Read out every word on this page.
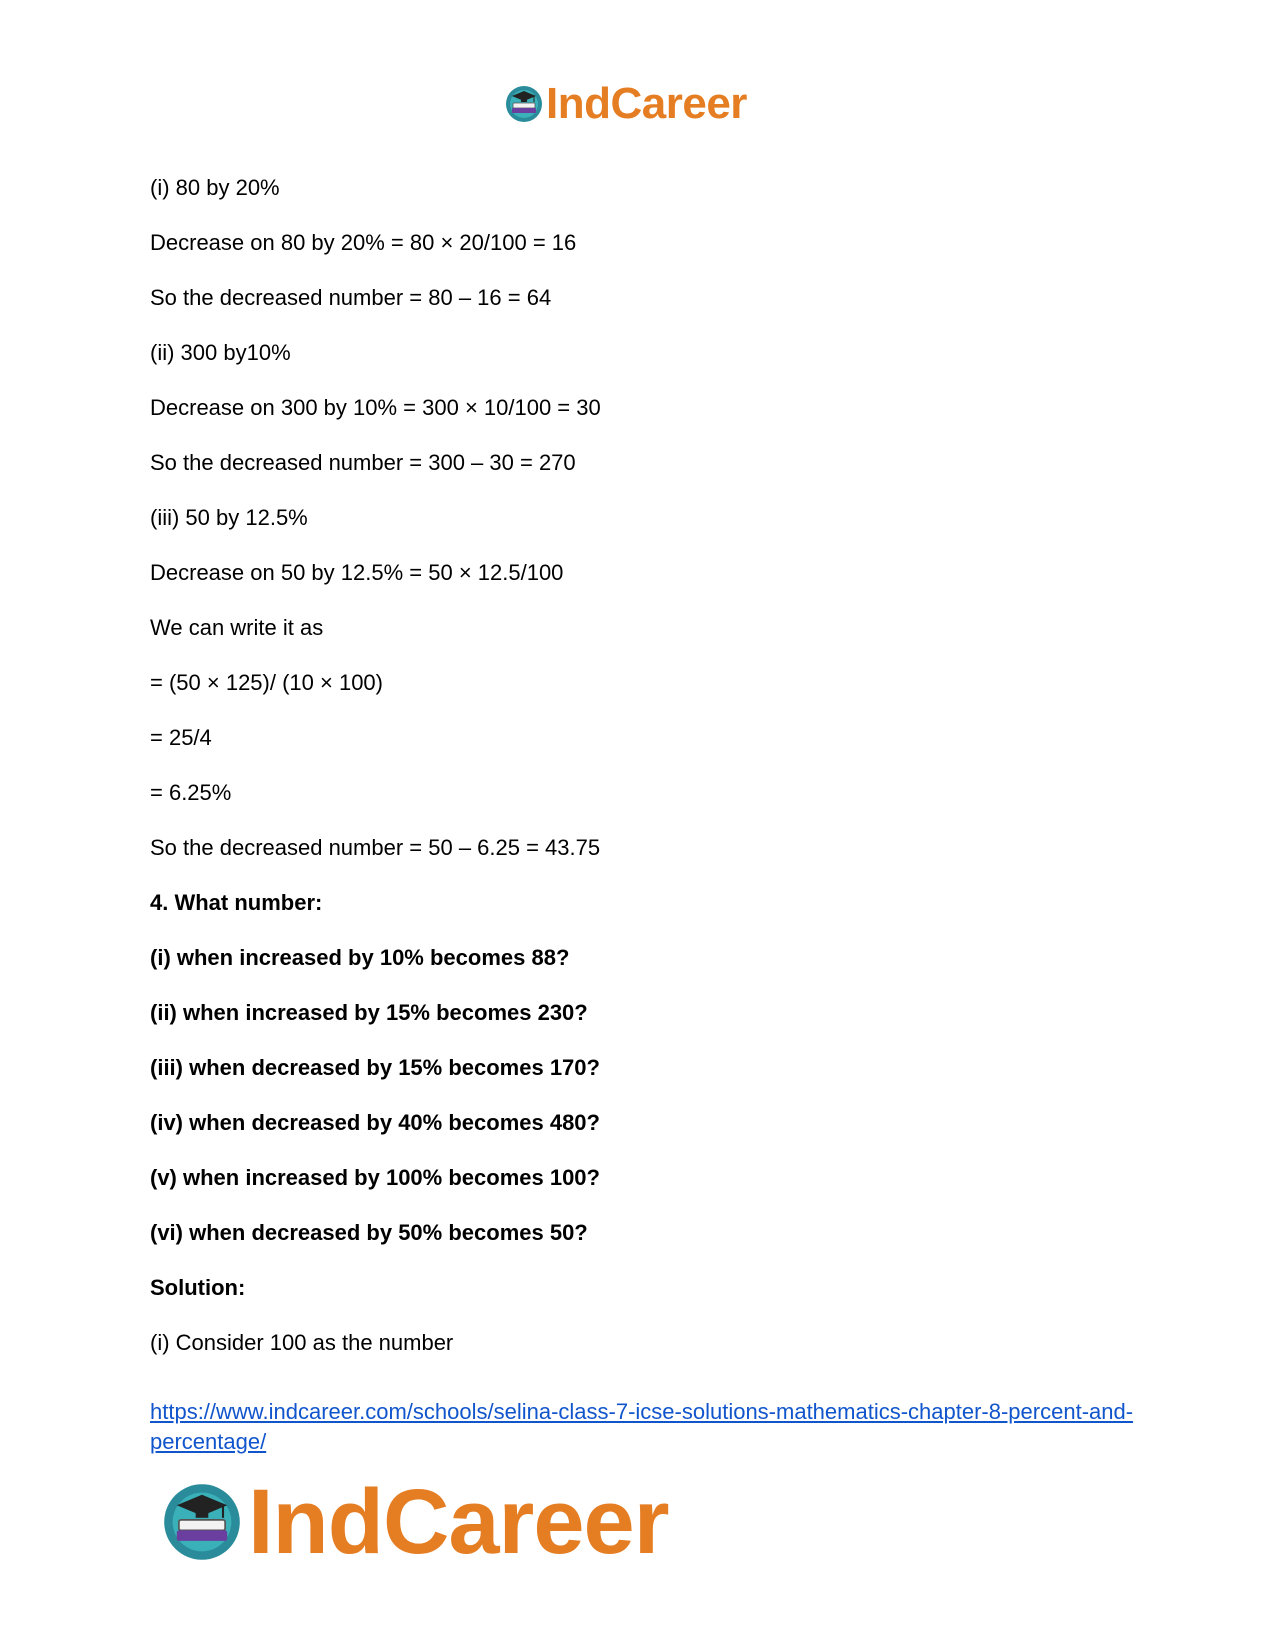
IndCareer

(i) 80 by 20%

Decrease on 80 by 20% = 80 × 20/100 = 16

So the decreased number = 80 – 16 = 64

(ii) 300 by10%

Decrease on 300 by 10% = 300 × 10/100 = 30

So the decreased number = 300 – 30 = 270

(iii) 50 by 12.5%

Decrease on 50 by 12.5% = 50 × 12.5/100

We can write it as

= (50 × 125)/ (10 × 100)

= 25/4

= 6.25%

So the decreased number = 50 – 6.25 = 43.75

4. What number:

(i) when increased by 10% becomes 88?

(ii) when increased by 15% becomes 230?

(iii) when decreased by 15% becomes 170?

(iv) when decreased by 40% becomes 480?

(v) when increased by 100% becomes 100?

(vi) when decreased by 50% becomes 50?

Solution:

(i) Consider 100 as the number

https://www.indcareer.com/schools/selina-class-7-icse-solutions-mathematics-chapter-8-percent-and-percentage/
IndCareer
